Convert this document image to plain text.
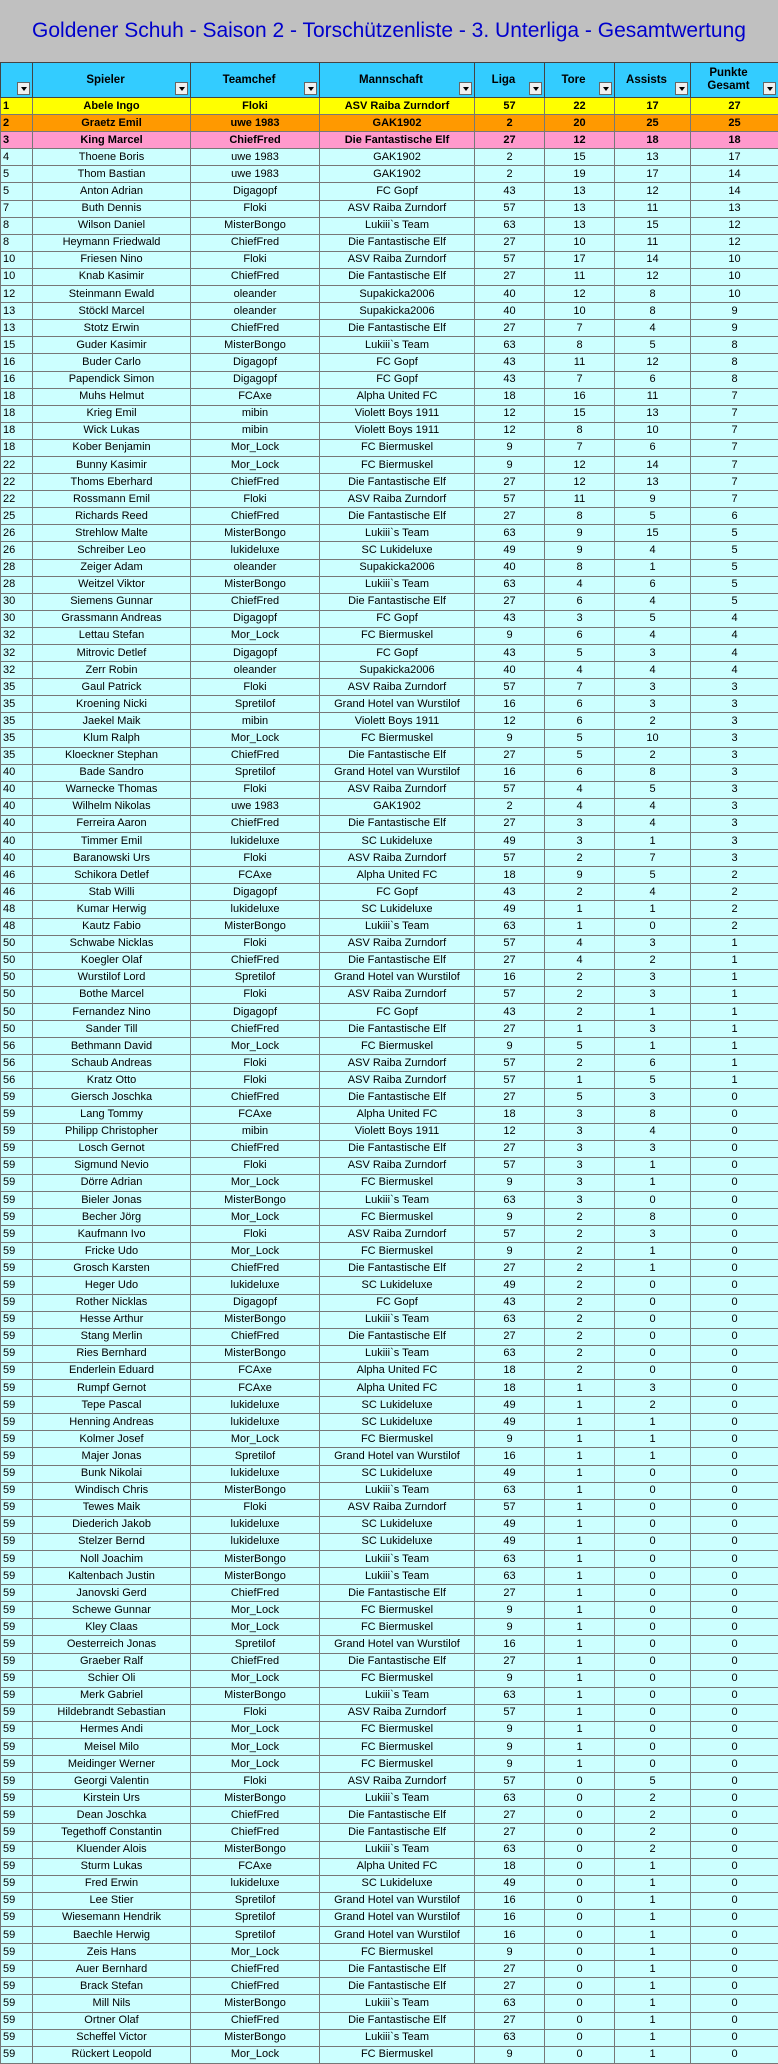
Goldener Schuh - Saison 2 - Torschützenliste - 3. Unterliga - Gesamtwertung
	Spieler	Teamchef	Mannschaft	Liga	Tore	Assists	Punkte Gesamt

1	Abele Ingo	Floki	ASV Raiba Zurndorf	57	22	17	27
2	Graetz Emil	uwe 1983	GAK1902	2	20	25	25
3	King Marcel	ChiefFred	Die Fantastische Elf	27	12	18	18
4	Thoene Boris	uwe 1983	GAK1902	2	15	13	17
5	Thom Bastian	uwe 1983	GAK1902	2	19	17	14
5	Anton Adrian	Digagopf	FC Gopf	43	13	12	14
7	Buth Dennis	Floki	ASV Raiba Zurndorf	57	13	11	13
8	Wilson Daniel	MisterBongo	Lukiii`s Team	63	13	15	12
8	Heymann Friedwald	ChiefFred	Die Fantastische Elf	27	10	11	12
10	Friesen Nino	Floki	ASV Raiba Zurndorf	57	17	14	10
10	Knab Kasimir	ChiefFred	Die Fantastische Elf	27	11	12	10
12	Steinmann Ewald	oleander	Supakicka2006	40	12	8	10
13	Stöckl Marcel	oleander	Supakicka2006	40	10	8	9
13	Stotz Erwin	ChiefFred	Die Fantastische Elf	27	7	4	9
15	Guder Kasimir	MisterBongo	Lukiii`s Team	63	8	5	8
16	Buder Carlo	Digagopf	FC Gopf	43	11	12	8
16	Papendick Simon	Digagopf	FC Gopf	43	7	6	8
18	Muhs Helmut	FCAxe	Alpha United FC	18	16	11	7
18	Krieg Emil	mibin	Violett Boys 1911	12	15	13	7
18	Wick Lukas	mibin	Violett Boys 1911	12	8	10	7
18	Kober Benjamin	Mor_Lock	FC Biermuskel	9	7	6	7
22	Bunny Kasimir	Mor_Lock	FC Biermuskel	9	12	14	7
22	Thoms Eberhard	ChiefFred	Die Fantastische Elf	27	12	13	7
22	Rossmann Emil	Floki	ASV Raiba Zurndorf	57	11	9	7
25	Richards Reed	ChiefFred	Die Fantastische Elf	27	8	5	6
26	Strehlow Malte	MisterBongo	Lukiii`s Team	63	9	15	5
26	Schreiber Leo	lukideluxe	SC Lukideluxe	49	9	4	5
28	Zeiger Adam	oleander	Supakicka2006	40	8	1	5
28	Weitzel Viktor	MisterBongo	Lukiii`s Team	63	4	6	5
30	Siemens Gunnar	ChiefFred	Die Fantastische Elf	27	6	4	5
30	Grassmann Andreas	Digagopf	FC Gopf	43	3	5	4
32	Lettau Stefan	Mor_Lock	FC Biermuskel	9	6	4	4
32	Mitrovic Detlef	Digagopf	FC Gopf	43	5	3	4
32	Zerr Robin	oleander	Supakicka2006	40	4	4	4
35	Gaul Patrick	Floki	ASV Raiba Zurndorf	57	7	3	3
35	Kroening Nicki	Spretilof	Grand Hotel van Wurstilof	16	6	3	3
35	Jaekel Maik	mibin	Violett Boys 1911	12	6	2	3
35	Klum Ralph	Mor_Lock	FC Biermuskel	9	5	10	3
35	Kloeckner Stephan	ChiefFred	Die Fantastische Elf	27	5	2	3
40	Bade Sandro	Spretilof	Grand Hotel van Wurstilof	16	6	8	3
40	Warnecke Thomas	Floki	ASV Raiba Zurndorf	57	4	5	3
40	Wilhelm Nikolas	uwe 1983	GAK1902	2	4	4	3
40	Ferreira Aaron	ChiefFred	Die Fantastische Elf	27	3	4	3
40	Timmer Emil	lukideluxe	SC Lukideluxe	49	3	1	3
40	Baranowski Urs	Floki	ASV Raiba Zurndorf	57	2	7	3
46	Schikora Detlef	FCAxe	Alpha United FC	18	9	5	2
46	Stab Willi	Digagopf	FC Gopf	43	2	4	2
48	Kumar Herwig	lukideluxe	SC Lukideluxe	49	1	1	2
48	Kautz Fabio	MisterBongo	Lukiii`s Team	63	1	0	2
50	Schwabe Nicklas	Floki	ASV Raiba Zurndorf	57	4	3	1
50	Koegler Olaf	ChiefFred	Die Fantastische Elf	27	4	2	1
50	Wurstilof Lord	Spretilof	Grand Hotel van Wurstilof	16	2	3	1
50	Bothe Marcel	Floki	ASV Raiba Zurndorf	57	2	3	1
50	Fernandez Nino	Digagopf	FC Gopf	43	2	1	1
50	Sander Till	ChiefFred	Die Fantastische Elf	27	1	3	1
56	Bethmann David	Mor_Lock	FC Biermuskel	9	5	1	1
56	Schaub Andreas	Floki	ASV Raiba Zurndorf	57	2	6	1
56	Kratz Otto	Floki	ASV Raiba Zurndorf	57	1	5	1
59	Giersch Joschka	ChiefFred	Die Fantastische Elf	27	5	3	0
59	Lang Tommy	FCAxe	Alpha United FC	18	3	8	0
59	Philipp Christopher	mibin	Violett Boys 1911	12	3	4	0
59	Losch Gernot	ChiefFred	Die Fantastische Elf	27	3	3	0
59	Sigmund Nevio	Floki	ASV Raiba Zurndorf	57	3	1	0
59	Dörre Adrian	Mor_Lock	FC Biermuskel	9	3	1	0
59	Bieler Jonas	MisterBongo	Lukiii`s Team	63	3	0	0
59	Becher Jörg	Mor_Lock	FC Biermuskel	9	2	8	0
59	Kaufmann Ivo	Floki	ASV Raiba Zurndorf	57	2	3	0
59	Fricke Udo	Mor_Lock	FC Biermuskel	9	2	1	0
59	Grosch Karsten	ChiefFred	Die Fantastische Elf	27	2	1	0
59	Heger Udo	lukideluxe	SC Lukideluxe	49	2	0	0
59	Rother Nicklas	Digagopf	FC Gopf	43	2	0	0
59	Hesse Arthur	MisterBongo	Lukiii`s Team	63	2	0	0
59	Stang Merlin	ChiefFred	Die Fantastische Elf	27	2	0	0
59	Ries Bernhard	MisterBongo	Lukiii`s Team	63	2	0	0
59	Enderlein Eduard	FCAxe	Alpha United FC	18	2	0	0
59	Rumpf Gernot	FCAxe	Alpha United FC	18	1	3	0
59	Tepe Pascal	lukideluxe	SC Lukideluxe	49	1	2	0
59	Henning Andreas	lukideluxe	SC Lukideluxe	49	1	1	0
59	Kolmer Josef	Mor_Lock	FC Biermuskel	9	1	1	0
59	Majer Jonas	Spretilof	Grand Hotel van Wurstilof	16	1	1	0
59	Bunk Nikolai	lukideluxe	SC Lukideluxe	49	1	0	0
59	Windisch Chris	MisterBongo	Lukiii`s Team	63	1	0	0
59	Tewes Maik	Floki	ASV Raiba Zurndorf	57	1	0	0
59	Diederich Jakob	lukideluxe	SC Lukideluxe	49	1	0	0
59	Stelzer Bernd	lukideluxe	SC Lukideluxe	49	1	0	0
59	Noll Joachim	MisterBongo	Lukiii`s Team	63	1	0	0
59	Kaltenbach Justin	MisterBongo	Lukiii`s Team	63	1	0	0
59	Janovski Gerd	ChiefFred	Die Fantastische Elf	27	1	0	0
59	Schewe Gunnar	Mor_Lock	FC Biermuskel	9	1	0	0
59	Kley Claas	Mor_Lock	FC Biermuskel	9	1	0	0
59	Oesterreich Jonas	Spretilof	Grand Hotel van Wurstilof	16	1	0	0
59	Graeber Ralf	ChiefFred	Die Fantastische Elf	27	1	0	0
59	Schier Oli	Mor_Lock	FC Biermuskel	9	1	0	0
59	Merk Gabriel	MisterBongo	Lukiii`s Team	63	1	0	0
59	Hildebrandt Sebastian	Floki	ASV Raiba Zurndorf	57	1	0	0
59	Hermes Andi	Mor_Lock	FC Biermuskel	9	1	0	0
59	Meisel Milo	Mor_Lock	FC Biermuskel	9	1	0	0
59	Meidinger Werner	Mor_Lock	FC Biermuskel	9	1	0	0
59	Georgi Valentin	Floki	ASV Raiba Zurndorf	57	0	5	0
59	Kirstein Urs	MisterBongo	Lukiii`s Team	63	0	2	0
59	Dean Joschka	ChiefFred	Die Fantastische Elf	27	0	2	0
59	Tegethoff Constantin	ChiefFred	Die Fantastische Elf	27	0	2	0
59	Kluender Alois	MisterBongo	Lukiii`s Team	63	0	2	0
59	Sturm Lukas	FCAxe	Alpha United FC	18	0	1	0
59	Fred Erwin	lukideluxe	SC Lukideluxe	49	0	1	0
59	Lee Stier	Spretilof	Grand Hotel van Wurstilof	16	0	1	0
59	Wiesemann Hendrik	Spretilof	Grand Hotel van Wurstilof	16	0	1	0
59	Baechle Herwig	Spretilof	Grand Hotel van Wurstilof	16	0	1	0
59	Zeis Hans	Mor_Lock	FC Biermuskel	9	0	1	0
59	Auer Bernhard	ChiefFred	Die Fantastische Elf	27	0	1	0
59	Brack Stefan	ChiefFred	Die Fantastische Elf	27	0	1	0
59	Mill Nils	MisterBongo	Lukiii`s Team	63	0	1	0
59	Ortner Olaf	ChiefFred	Die Fantastische Elf	27	0	1	0
59	Scheffel Victor	MisterBongo	Lukiii`s Team	63	0	1	0
59	Rückert Leopold	Mor_Lock	FC Biermuskel	9	0	1	0
